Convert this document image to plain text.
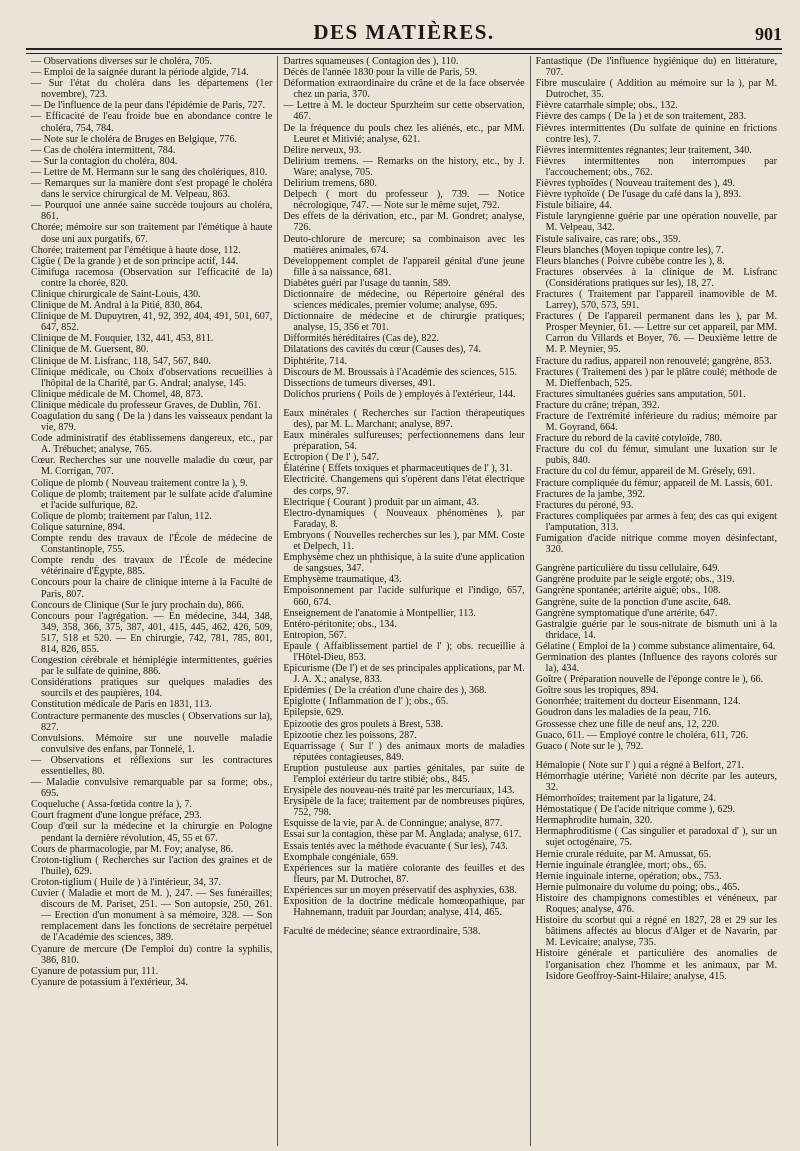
DES MATIÈRES.	901

— Observations diverses sur le choléra, 705.

— Emploi de la saignée durant la période algide, 714.

— Sur l'état du choléra dans les départemens (1er novembre), 723.

— De l'influence de la peur dans l'épidémie de Paris, 727.

— Efficacité de l'eau froide bue en abondance contre le choléra, 754, 784.

— Note sur le choléra de Bruges en Belgique, 776.

— Cas de choléra intermittent, 784.

— Sur la contagion du choléra, 804.

— Lettre de M. Hermann sur le sang des cholériques, 810.

— Remarques sur la manière dont s'est propagé le choléra dans le service chirurgical de M. Velpeau, 863.

— Pourquoi une année saine succède toujours au choléra, 861.

Chorée; mémoire sur son traitement par l'émétique à haute dose uni aux purgatifs, 67.

Chorée; traitement par l'émétique à haute dose, 112.

Cigüe ( De la grande ) et de son principe actif, 144.

Cimifuga racemosa (Observation sur l'efficacité de la) contre la chorée, 820.

Clinique chirurgicale de Saint-Louis, 430.

Clinique de M. Andral à la Pitié, 830, 864.

Clinique de M. Dupuytren, 41, 92, 392, 404, 491, 501, 607, 647, 852.

Clinique de M. Fouquier, 132, 441, 453, 811.

Clinique de M. Guersent, 80.

Clinique de M. Lisfranc, 118, 547, 567, 840.

Clinique médicale, ou Choix d'observations recueillies à l'hôpital de la Charité, par G. Andral; analyse, 145.

Clinique médicale de M. Chomel, 48, 873.

Clinique médicale du professeur Graves, de Dublin, 761.

Coagulation du sang ( De la ) dans les vaisseaux pendant la vie, 879.

Code administratif des établissemens dangereux, etc., par A. Trébuchet; analyse, 765.

Cœur. Recherches sur une nouvelle maladie du cœur, par M. Corrigan, 707.

Colique de plomb ( Nouveau traitement contre la ), 9.

Colique de plomb; traitement par le sulfate acide d'alumine et l'acide sulfurique, 82.

Colique de plomb; traitement par l'alun, 112.

Colique saturnine, 894.

Compte rendu des travaux de l'École de médecine de Constantinople, 755.

Compte rendu des travaux de l'École de médecine vétérinaire d'Égypte, 885.

Concours pour la chaire de clinique interne à la Faculté de Paris, 807.

Concours de Clinique (Sur le jury prochain du), 866.

Concours pour l'agrégation. — En médecine, 344, 348, 349, 358, 366, 375, 387, 401, 415, 445, 462, 426, 509, 517, 518 et 520. — En chirurgie, 742, 781, 785, 801, 814, 826, 855.

Congestion cérébrale et hémiplégie intermittentes, guéries par le sulfate de quinine, 886.

Considérations pratiques sur quelques maladies des sourcils et des paupières, 104.

Constitution médicale de Paris en 1831, 113.

Contracture permanente des muscles ( Observations sur la), 827.

Convulsions. Mémoire sur une nouvelle maladie convulsive des enfans, par Tonnelé, 1.

— Observations et réflexions sur les contractures essentielles, 80.

— Maladie convulsive remarquable par sa forme; obs., 695.

Coqueluche ( Assa-fœtida contre la ), 7.

Court fragment d'une longue préface, 293.

Coup d'œil sur la médecine et la chirurgie en Pologne pendant la dernière révolution, 45, 55 et 67.

Cours de pharmacologie, par M. Foy; analyse, 86.

Croton-tiglium ( Recherches sur l'action des graines et de l'huile), 629.

Croton-tiglium ( Huile de ) à l'intérieur, 34, 37.

Cuvier ( Maladie et mort de M. ), 247. — Ses funérailles; discours de M. Pariset, 251. — Son autopsie, 250, 261. — Erection d'un monument à sa mémoire, 328. — Son remplacement dans les fonctions de secrétaire perpétuel de l'Académie des sciences, 389.

Cyanure de mercure (De l'emploi du) contre la syphilis, 386, 810.

Cyanure de potassium pur, 111.

Cyanure de potassium à l'extérieur, 34.

Dartres squameuses ( Contagion des ), 110.

Décès de l'année 1830 pour la ville de Paris, 59.

Déformation extraordinaire du crâne et de la face observée chez un paria, 370.

— Lettre à M. le docteur Spurzheim sur cette observation, 467.

De la fréquence du pouls chez les aliénés, etc., par MM. Leuret et Mitivié; analyse, 621.

Délire nerveux, 93.

Delirium tremens. — Remarks on the history, etc., by J. Ware; analyse, 705.

Delirium tremens, 680.

Delpech ( mort du professeur ), 739. — Notice nécrologique, 747. — Note sur le même sujet, 792.

Des effets de la dérivation, etc., par M. Gondret; analyse, 726.

Deuto-chlorure de mercure; sa combinaison avec les matières animales, 674.

Développement complet de l'appareil génital d'une jeune fille à sa naissance, 681.

Diabètes guéri par l'usage du tannin, 589.

Dictionnaire de médecine, ou Répertoire général des sciences médicales, premier volume; analyse, 695.

Dictionnaire de médecine et de chirurgie pratiques; analyse, 15, 356 et 701.

Difformités héréditaires (Cas de), 822.

Dilatations des cavités du cœur (Causes des), 74.

Diphtérite, 714.

Discours de M. Broussais à l'Académie des sciences, 515.

Dissections de tumeurs diverses, 491.

Dolichos pruriens ( Poils de ) employés à l'extérieur, 144.

Eaux minérales ( Recherches sur l'action thérapeutiques des), par M. L. Marchant; analyse, 897.

Eaux minérales sulfureuses; perfectionnemens dans leur préparation, 54.

Ectropion ( De l' ), 547.

Élatérine ( Effets toxiques et pharmaceutiques de l' ), 31.

Electricité. Changemens qui s'opèrent dans l'état électrique des corps, 97.

Electrique ( Courant ) produit par un aimant, 43.

Electro-dynamiques ( Nouveaux phénomènes ), par Faraday, 8.

Embryons ( Nouvelles recherches sur les ), par MM. Coste et Delpech, 11.

Emphysème chez un phthisique, à la suite d'une application de sangsues, 347.

Emphysème traumatique, 43.

Empoisonnement par l'acide sulfurique et l'indigo, 657, 660, 674.

Enseignement de l'anatomie à Montpellier, 113.

Entéro-péritonite; obs., 134.

Entropion, 567.

Epaule ( Affaiblissement partiel de l' ); obs. recueillie à l'Hôtel-Dieu, 853.

Epicurisme (De l') et de ses principales applications, par M. J. A. X.; analyse, 833.

Epidémies ( De la création d'une chaire des ), 368.

Epiglotte ( Inflammation de l' ); obs., 65.

Epilepsie, 629.

Epizootie des gros poulets à Brest, 538.

Epizootie chez les poissons, 287.

Equarrissage ( Sur l' ) des animaux morts de maladies réputées contagieuses, 849.

Eruption pustuleuse aux parties génitales, par suite de l'emploi extérieur du tartre stibié; obs., 845.

Erysipèle des nouveau-nés traité par les mercuriaux, 143.

Erysipèle de la face; traitement par de nombreuses piqûres, 752, 798.

Esquisse de la vie, par A. de Conningue; analyse, 877.

Essai sur la contagion, thèse par M. Anglada; analyse, 617.

Essais tentés avec la méthode évacuante ( Sur les), 743.

Exomphale congéniale, 659.

Expériences sur la matière colorante des feuilles et des fleurs, par M. Dutrochet, 87.

Expériences sur un moyen préservatif des asphyxies, 638.

Exposition de la doctrine médicale homœopathique, par Hahnemann, traduit par Jourdan; analyse, 414, 465.

Faculté de médecine; séance extraordinaire, 538.

Fantastique (De l'influence hygiénique du) en littérature, 707.

Fibre musculaire ( Addition au mémoire sur la ), par M. Dutrochet, 35.

Fièvre catarrhale simple; obs., 132.

Fièvre des camps ( De la ) et de son traitement, 283.

Fièvres intermittentes (Du sulfate de quinine en frictions contre les), 7.

Fièvres intermittentes régnantes; leur traitement, 340.

Fièvres intermittentes non interrompues par l'accouchement; obs., 762.

Fièvres typhoïdes ( Nouveau traitement des ), 49.

Fièvre typhoïde ( De l'usage du café dans la ), 893.

Fistule biliaire, 44.

Fistule laryngienne guérie par une opération nouvelle, par M. Velpeau, 342.

Fistule salivaire, cas rare; obs., 359.

Fleurs blanches (Moyen topique contre les), 7.

Fleurs blanches ( Poivre cubèbe contre les ), 8.

Fractures observées à la clinique de M. Lisfranc (Considérations pratiques sur les), 18, 27.

Fractures ( Traitement par l'appareil inamovible de M. Larrey), 570, 573, 591.

Fractures ( De l'appareil permanent dans les ), par M. Prosper Meynier, 61. — Lettre sur cet appareil, par MM. Carron du Villards et Boyer, 76. — Deuxième lettre de M. P. Meynier, 95.

Fracture du radius, appareil non renouvelé; gangrène, 853.

Fractures ( Traitement des ) par le plâtre coulé; méthode de M. Dieffenbach, 525.

Fractures simultanées guéries sans amputation, 501.

Fracture du crâne; trépan, 392.

Fracture de l'extrémité inférieure du radius; mémoire par M. Goyrand, 664.

Fracture du rebord de la cavité cotyloïde, 780.

Fracture du col du fémur, simulant une luxation sur le pubis, 840.

Fracture du col du fémur, appareil de M. Grésely, 691.

Fracture compliquée du fémur; appareil de M. Lassis, 601.

Fractures de la jambe, 392.

Fractures du péroné, 93.

Fractures compliquées par armes à feu; des cas qui exigent l'amputation, 313.

Fumigation d'acide nitrique comme moyen désinfectant, 320.

Gangrène particulière du tissu cellulaire, 649.

Gangrène produite par le seigle ergoté; obs., 319.

Gangrène spontanée; artérite aiguë; obs., 108.

Gangrène, suite de la ponction d'une ascite, 648.

Gangrène symptomatique d'une artérite, 647.

Gastralgie guérie par le sous-nitrate de bismuth uni à la thridace, 14.

Gélatine ( Emploi de la ) comme substance alimentaire, 64.

Germination des plantes (Influence des rayons colorés sur la), 434.

Goître ( Préparation nouvelle de l'éponge contre le ), 66.

Goître sous les tropiques, 894.

Gonorrhée; traitement du docteur Eisenmann, 124.

Goudron dans les maladies de la peau, 716.

Grossesse chez une fille de neuf ans, 12, 220.

Guaco, 611. — Employé contre le choléra, 611, 726.

Guaco ( Note sur le ), 792.

Hémalopie ( Note sur l' ) qui a régné à Belfort, 271.

Hémorrhagie utérine; Variété non décrite par les auteurs, 32.

Hémorrhoïdes; traitement par la ligature, 24.

Hémostatique ( De l'acide nitrique comme ), 629.

Hermaphrodite humain, 320.

Hermaphroditisme ( Cas singulier et paradoxal d' ), sur un sujet octogénaire, 75.

Hernie crurale réduite, par M. Amussat, 65.

Hernie inguinale étranglée, mort; obs., 65.

Hernie inguinale interne, opération; obs., 753.

Hernie pulmonaire du volume du poing; obs., 465.

Histoire des champignons comestibles et vénéneux, par Roques; analyse, 476.

Histoire du scorbut qui a régné en 1827, 28 et 29 sur les bâtimens affectés au blocus d'Alger et de Navarin, par M. Levicaire; analyse, 735.

Histoire générale et particulière des anomalies de l'organisation chez l'homme et les animaux, par M. Isidore Geoffroy-Saint-Hilaire; analyse, 415.
